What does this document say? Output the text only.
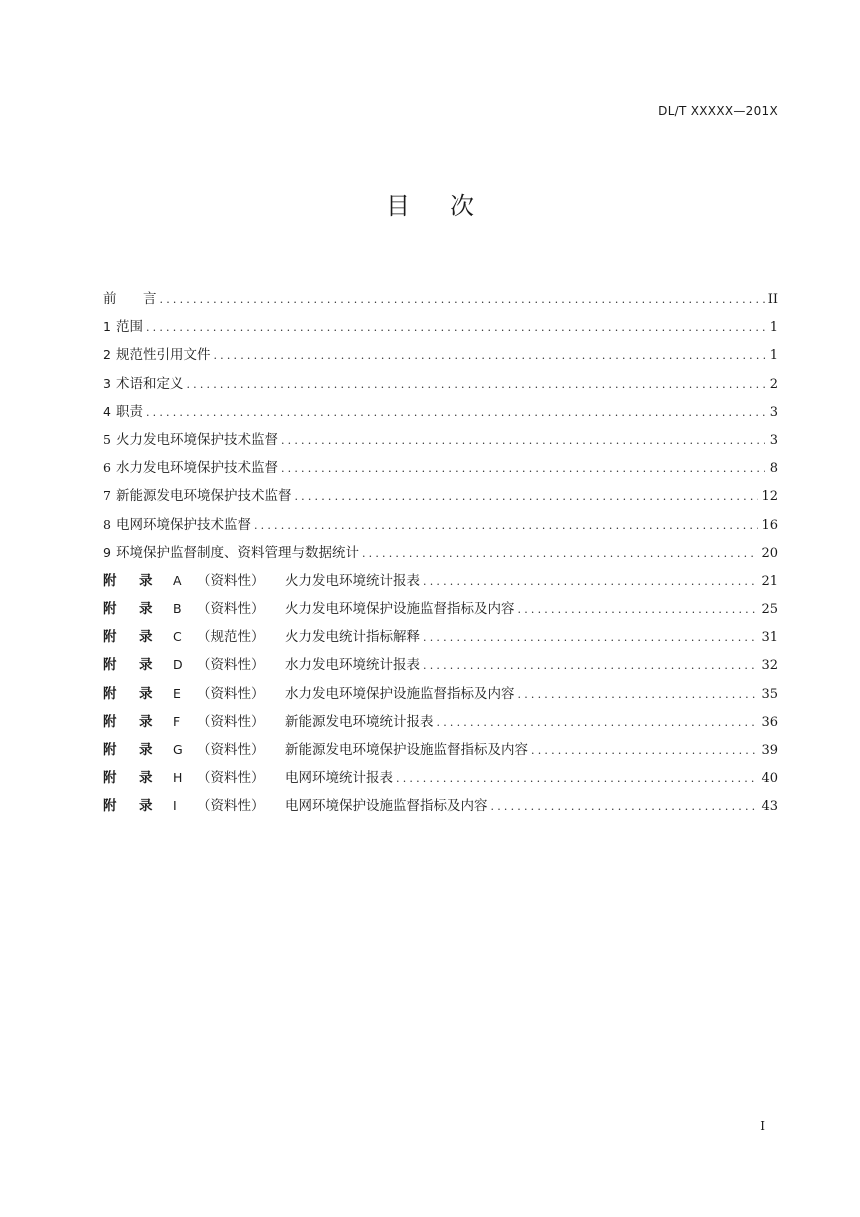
DL/T XXXXX—201X
目次
前 言 .....	II
1 范围 .....	1
2 规范性引用文件 .....	1
3 术语和定义 .....	2
4 职责 .....	3
5 火力发电环境保护技术监督 .....	3
6 水力发电环境保护技术监督 .....	8
7 新能源发电环境保护技术监督 .....	12
8 电网环境保护技术监督 .....	16
9 环境保护监督制度、资料管理与数据统计 .....	20
附 录 A （资料性） 火力发电环境统计报表 .....	21
附 录 B （资料性） 火力发电环境保护设施监督指标及内容 .....	25
附 录 C （规范性） 火力发电统计指标解释 .....	31
附 录 D （资料性） 水力发电环境统计报表 .....	32
附 录 E （资料性） 水力发电环境保护设施监督指标及内容 .....	35
附 录 F （资料性） 新能源发电环境统计报表 .....	36
附 录 G （资料性） 新能源发电环境保护设施监督指标及内容 .....	39
附 录 H （资料性） 电网环境统计报表 .....	40
附 录 I （资料性） 电网环境保护设施监督指标及内容 .....	43
I
